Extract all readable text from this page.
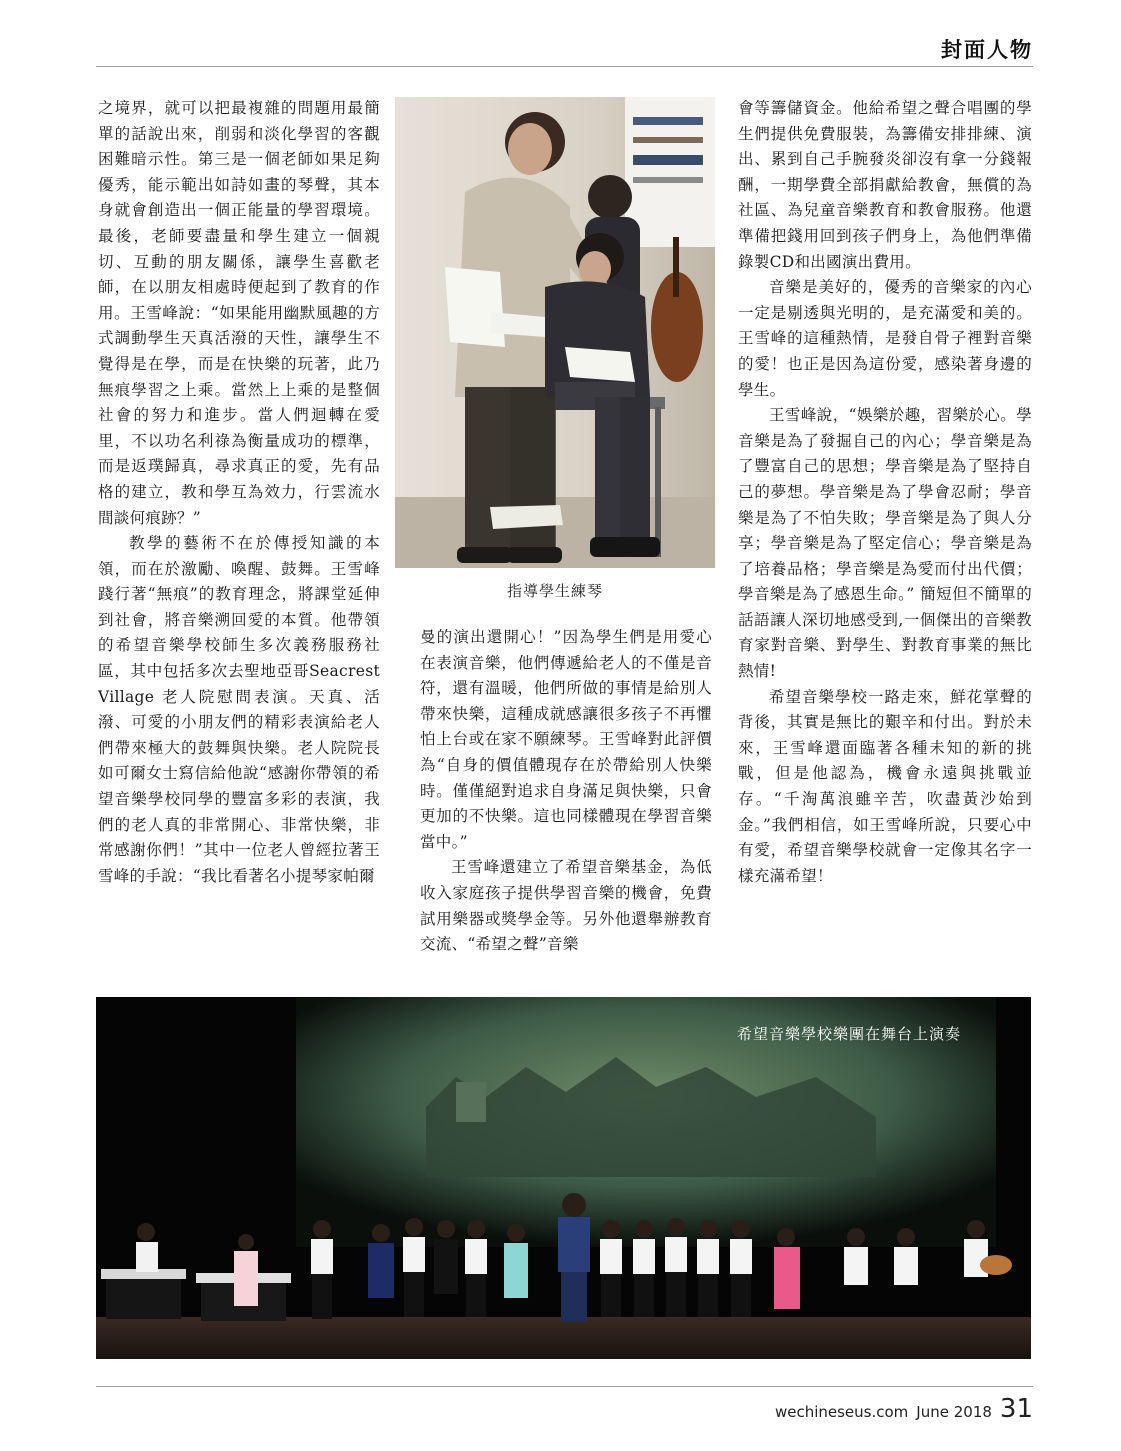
封面人物

之境界，就可以把最複雜的問題用最簡單的話說出來，削弱和淡化學習的客觀困難暗示性。第三是一個老師如果足夠優秀，能示範出如詩如畫的琴聲，其本身就會創造出一個正能量的學習環境。最後，老師要盡量和學生建立一個親切、互動的朋友關係，讓學生喜歡老師，在以朋友相處時便起到了教育的作用。王雪峰說：“如果能用幽默風趣的方式調動學生天真活潑的天性，讓學生不覺得是在學，而是在快樂的玩著，此乃無痕學習之上乘。當然上上乘的是整個社會的努力和進步。當人們迴轉在愛里，不以功名利祿為衡量成功的標準，而是返璞歸真，尋求真正的愛，先有品格的建立，教和學互為效力，行雲流水間談何痕跡？”

教學的藝術不在於傳授知識的本領，而在於激勵、喚醒、鼓舞。王雪峰踐行著“無痕”的教育理念，將課堂延伸到社會，將音樂溯回愛的本質。他帶領的希望音樂學校師生多次義務服務社區，其中包括多次去聖地亞哥Seacrest Village 老人院慰問表演。天真、活潑、可愛的小朋友們的精彩表演給老人們帶來極大的鼓舞與快樂。老人院院長如可爾女士寫信給他說“感謝你帶領的希望音樂學校同學的豐富多彩的表演，我們的老人真的非常開心、非常快樂，非常感謝你們！”其中一位老人曾經拉著王雪峰的手說：“我比看著名小提琴家帕爾

指導學生練琴

曼的演出還開心！”因為學生們是用愛心在表演音樂，他們傳遞給老人的不僅是音符，還有溫暖，他們所做的事情是給別人帶來快樂，這種成就感讓很多孩子不再懼怕上台或在家不願練琴。王雪峰對此評價為“自身的價值體現存在於帶給別人快樂時。僅僅絕對追求自身滿足與快樂，只會更加的不快樂。這也同樣體現在學習音樂當中。”

王雪峰還建立了希望音樂基金，為低收入家庭孩子提供學習音樂的機會，免費試用樂器或獎學金等。另外他還舉辦教育交流、“希望之聲”音樂

會等籌儲資金。他給希望之聲合唱團的學生們提供免費服裝，為籌備安排排練、演出、累到自己手腕發炎卻沒有拿一分錢報酬，一期學費全部捐獻給教會，無償的為社區、為兒童音樂教育和教會服務。他還準備把錢用回到孩子們身上，為他們準備錄製CD和出國演出費用。

音樂是美好的，優秀的音樂家的內心一定是剔透與光明的，是充滿愛和美的。王雪峰的這種熱情，是發自骨子裡對音樂的愛！也正是因為這份愛，感染著身邊的學生。

王雪峰說，“娛樂於趣，習樂於心。學音樂是為了發掘自己的內心；學音樂是為了豐富自己的思想；學音樂是為了堅持自己的夢想。學音樂是為了學會忍耐；學音樂是為了不怕失敗；學音樂是為了與人分享；學音樂是為了堅定信心；學音樂是為了培養品格；學音樂是為愛而付出代價；學音樂是為了感恩生命。” 簡短但不簡單的話語讓人深切地感受到,一個傑出的音樂教育家對音樂、對學生、對教育事業的無比熱情!

希望音樂學校一路走來，鮮花掌聲的背後，其實是無比的艱辛和付出。對於未來，王雪峰還面臨著各種未知的新的挑戰，但是他認為，機會永遠與挑戰並存。“千淘萬浪雖辛苦，吹盡黃沙始到金。”我們相信，如王雪峰所說，只要心中有愛，希望音樂學校就會一定像其名字一樣充滿希望！

希望音樂學校樂團在舞台上演奏
wechineseus.com June 2018 31
